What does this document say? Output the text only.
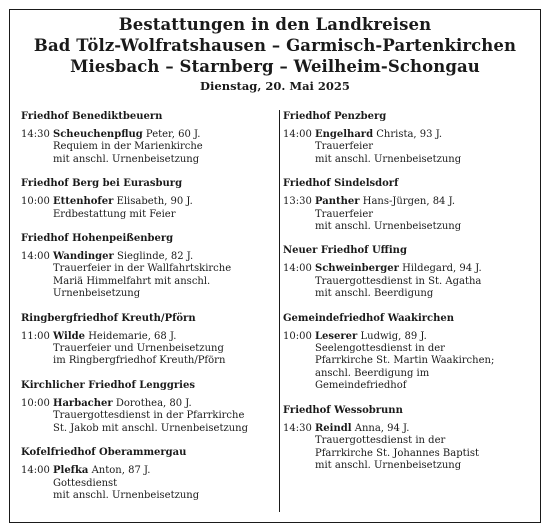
Bestattungen in den Landkreisen
Bad Tölz-Wolfratshausen – Garmisch-Partenkirchen
Miesbach – Starnberg – Weilheim-Schongau
Dienstag, 20. Mai 2025
Friedhof Benediktbeuern
14:30 Scheuchenpflug Peter, 60 J.
Requiem in der Marienkirche
mit anschl. Urnenbeisetzung
Friedhof Berg bei Eurasburg
10:00 Ettenhofer Elisabeth, 90 J.
Erdbestattung mit Feier
Friedhof Hohenpeißenberg
14:00 Wandinger Sieglinde, 82 J.
Trauerfeier in der Wallfahrtskirche
Mariä Himmelfahrt mit anschl.
Urnenbeisetzung
Ringbergfriedhof Kreuth/Pförn
11:00 Wilde Heidemarie, 68 J.
Trauerfeier und Urnenbeisetzung
im Ringbergfriedhof Kreuth/Pförn
Kirchlicher Friedhof Lenggries
10:00 Harbacher Dorothea, 80 J.
Trauergottesdienst in der Pfarrkirche
St. Jakob mit anschl. Urnenbeisetzung
Kofelfriedhof Oberammergau
14:00 Plefka Anton, 87 J.
Gottesdienst
mit anschl. Urnenbeisetzung
Friedhof Penzberg
14:00 Engelhard Christa, 93 J.
Trauerfeier
mit anschl. Urnenbeisetzung
Friedhof Sindelsdorf
13:30 Panther Hans-Jürgen, 84 J.
Trauerfeier
mit anschl. Urnenbeisetzung
Neuer Friedhof Uffing
14:00 Schweinberger Hildegard, 94 J.
Trauergottesdienst in St. Agatha
mit anschl. Beerdigung
Gemeindefriedhof Waakirchen
10:00 Leserer Ludwig, 89 J.
Seelengottesdienst in der
Pfarrkirche St. Martin Waakirchen;
anschl. Beerdigung im
Gemeindefriedhof
Friedhof Wessobrunn
14:30 Reindl Anna, 94 J.
Trauergottesdienst in der
Pfarrkirche St. Johannes Baptist
mit anschl. Urnenbeisetzung
